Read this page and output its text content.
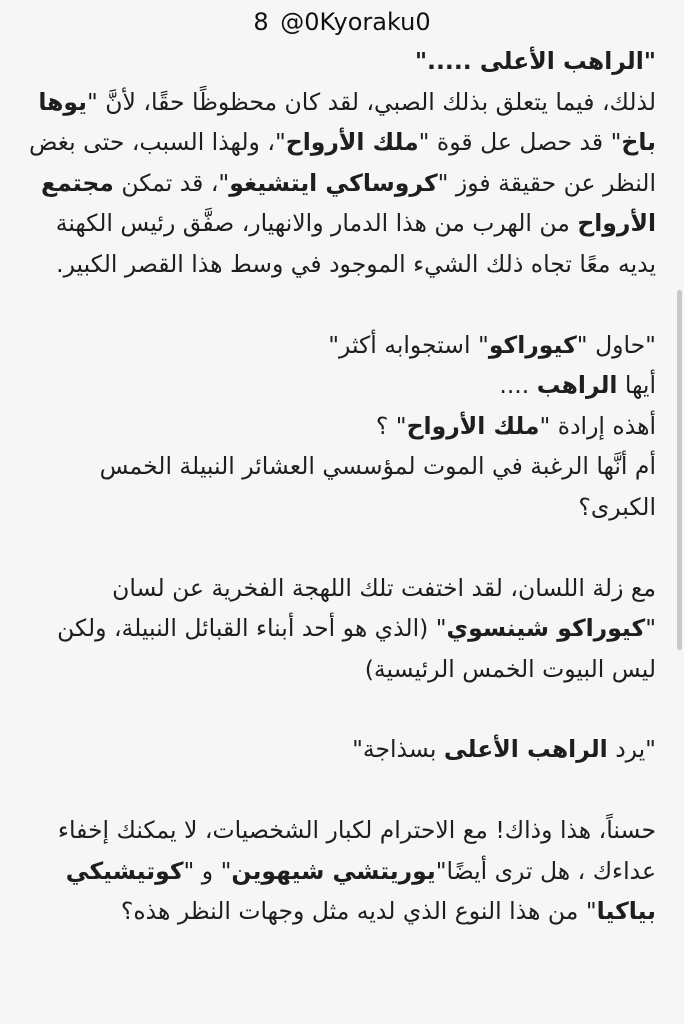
8 @0Kyoraku0

"الراهب الأعلى ....."
لذلك، فيما يتعلق بذلك الصبي، لقد كان محظوظًا حقًا، لأنَّ "يوها باخ" قد حصل عل قوة "ملك الأرواح"، ولهذا السبب، حتى بغض النظر عن حقيقة فوز "كروساكي ايتشيغو"، قد تمكن مجتمع الأرواح من الهرب من هذا الدمار والانهيار، صفَّق رئيس الكهنة يديه معًا تجاه ذلك الشيء الموجود في وسط هذا القصر الكبير.

"حاول "كيوراكو" استجوابه أكثر"
أيها الراهب ....
أهذه إرادة "ملك الأرواح" ؟
أم أنَّها الرغبة في الموت لمؤسسي العشائر النبيلة الخمس الكبرى؟

مع زلة اللسان، لقد اختفت تلك اللهجة الفخرية عن لسان "كيوراكو شينسوي" (الذي هو أحد أبناء القبائل النبيلة، ولكن ليس البيوت الخمس الرئيسية)

"يرد الراهب الأعلى بسذاجة"

حسناً، هذا وذاك! مع الاحترام لكبار الشخصيات، لا يمكنك إخفاء عداءك ، هل ترى أيضًا"يوريتشي شيهوين" و "كوتيشيكي بياكيا" من هذا النوع الذي لديه مثل وجهات النظر هذه؟
